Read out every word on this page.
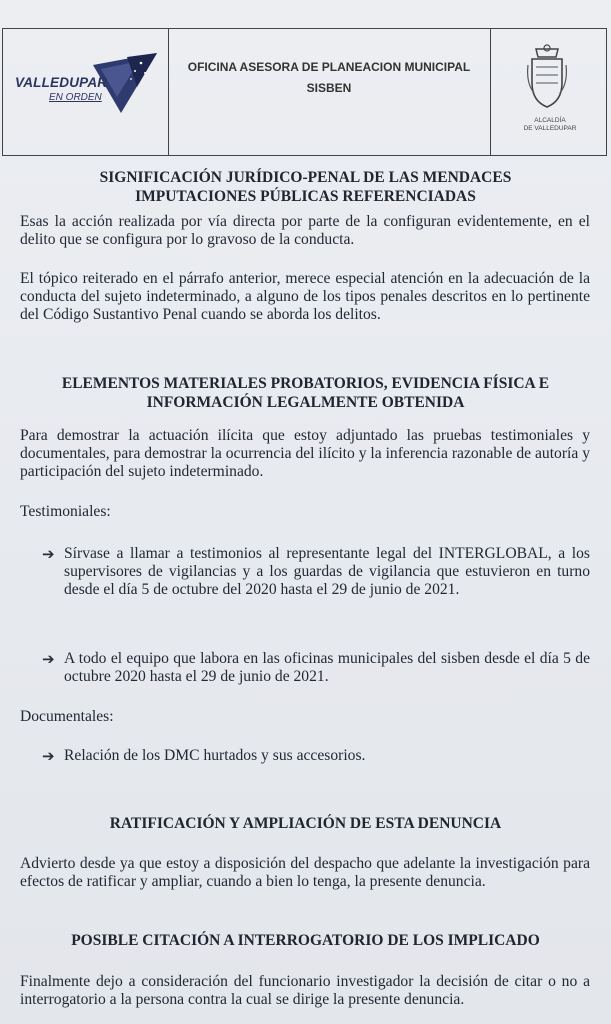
VALLEDUPAR
EN ORDEN
OFICINA ASESORA DE PLANEACION MUNICIPAL
SISBEN
ALCALDÍA
DE VALLEDUPAR
SIGNIFICACIÓN JURÍDICO-PENAL DE LAS MENDACES
IMPUTACIONES PÚBLICAS REFERENCIADAS
Esas la acción realizada por vía directa por parte de la configuran evidentemente, en el delito que se configura por lo gravoso de la conducta.
El tópico reiterado en el párrafo anterior, merece especial atención en la adecuación de la conducta del sujeto indeterminado, a alguno de los tipos penales descritos en lo pertinente del Código Sustantivo Penal cuando se aborda los delitos.
ELEMENTOS MATERIALES PROBATORIOS, EVIDENCIA FÍSICA E
INFORMACIÓN LEGALMENTE OBTENIDA
Para demostrar la actuación ilícita que estoy adjuntado las pruebas testimoniales y documentales, para demostrar la ocurrencia del ilícito y la inferencia razonable de autoría y participación del sujeto indeterminado.
Testimoniales:
➔ Sírvase a llamar a testimonios al representante legal del INTERGLOBAL, a los supervisores de vigilancias y a los guardas de vigilancia que estuvieron en turno desde el día 5 de octubre del 2020 hasta el 29 de junio de 2021.
➔ A todo el equipo que labora en las oficinas municipales del sisben desde el día 5 de octubre 2020 hasta el 29 de junio de 2021.
Documentales:
➔ Relación de los DMC hurtados y sus accesorios.
RATIFICACIÓN Y AMPLIACIÓN DE ESTA DENUNCIA
Advierto desde ya que estoy a disposición del despacho que adelante la investigación para efectos de ratificar y ampliar, cuando a bien lo tenga, la presente denuncia.
POSIBLE CITACIÓN A INTERROGATORIO DE LOS IMPLICADO
Finalmente dejo a consideración del funcionario investigador la decisión de citar o no a interrogatorio a la persona contra la cual se dirige la presente denuncia.
